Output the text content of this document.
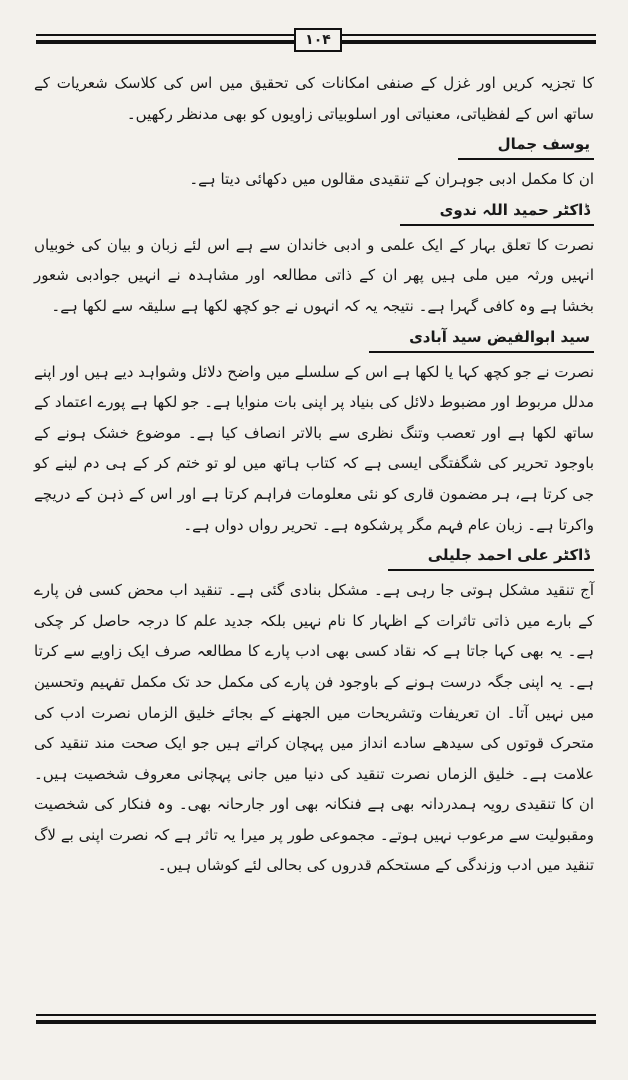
۱۰۴

کا تجزیہ کریں اور غزل کے صنفی امکانات کی تحقیق میں اس کی کلاسک شعریات کے ساتھ اس کے لفظیاتی، معنیاتی اور اسلوبیاتی زاویوں کو بھی مدنظر رکھیں۔

یوسف جمال

ان کا مکمل ادبی جوہران کے تنقیدی مقالوں میں دکھائی دیتا ہے۔

ڈاکٹر حمید اللہ ندوی

نصرت کا تعلق بہار کے ایک علمی و ادبی خاندان سے ہے اس لئے زبان و بیان کی خوبیاں انہیں ورثہ میں ملی ہیں پھر ان کے ذاتی مطالعہ اور مشاہدہ نے انہیں جوادبی شعور بخشا ہے وہ کافی گہرا ہے۔ نتیجہ یہ کہ انہوں نے جو کچھ لکھا ہے سلیقہ سے لکھا ہے۔

سید ابوالفیض سید آبادی

نصرت نے جو کچھ کہا یا لکھا ہے اس کے سلسلے میں واضح دلائل وشواہد دیے ہیں اور اپنے مدلل مربوط اور مضبوط دلائل کی بنیاد پر اپنی بات منوایا ہے۔ جو لکھا ہے پورے اعتماد کے ساتھ لکھا ہے اور تعصب وتنگ نظری سے بالاتر انصاف کیا ہے۔ موضوع خشک ہونے کے باوجود تحریر کی شگفتگی ایسی ہے کہ کتاب ہاتھ میں لو تو ختم کر کے ہی دم لینے کو جی کرتا ہے، ہر مضمون قاری کو نئی معلومات فراہم کرتا ہے اور اس کے ذہن کے دریچے واکرتا ہے۔ زبان عام فہم مگر پرشکوہ ہے۔ تحریر رواں دواں ہے۔

ڈاکٹر علی احمد جلیلی

آج تنقید مشکل ہوتی جا رہی ہے۔ مشکل بنادی گئی ہے۔ تنقید اب محض کسی فن پارے کے بارے میں ذاتی تاثرات کے اظہار کا نام نہیں بلکہ جدید علم کا درجہ حاصل کر چکی ہے۔ یہ بھی کہا جاتا ہے کہ نقاد کسی بھی ادب پارے کا مطالعہ صرف ایک زاویے سے کرتا ہے۔ یہ اپنی جگہ درست ہونے کے باوجود فن پارے کی مکمل حد تک مکمل تفہیم وتحسین میں نہیں آتا۔ ان تعریفات وتشریحات میں الجھنے کے بجائے خلیق الزماں نصرت ادب کی متحرک قوتوں کی سیدھے سادے انداز میں پہچان کراتے ہیں جو ایک صحت مند تنقید کی علامت ہے۔ خلیق الزماں نصرت تنقید کی دنیا میں جانی پہچانی معروف شخصیت ہیں۔ ان کا تنقیدی رویہ ہمدردانہ بھی ہے فنکانہ بھی اور جارحانہ بھی۔ وہ فنکار کی شخصیت ومقبولیت سے مرعوب نہیں ہوتے۔ مجموعی طور پر میرا یہ تاثر ہے کہ نصرت اپنی بے لاگ تنقید میں ادب وزندگی کے مستحکم قدروں کی بحالی لئے کوشاں ہیں۔
